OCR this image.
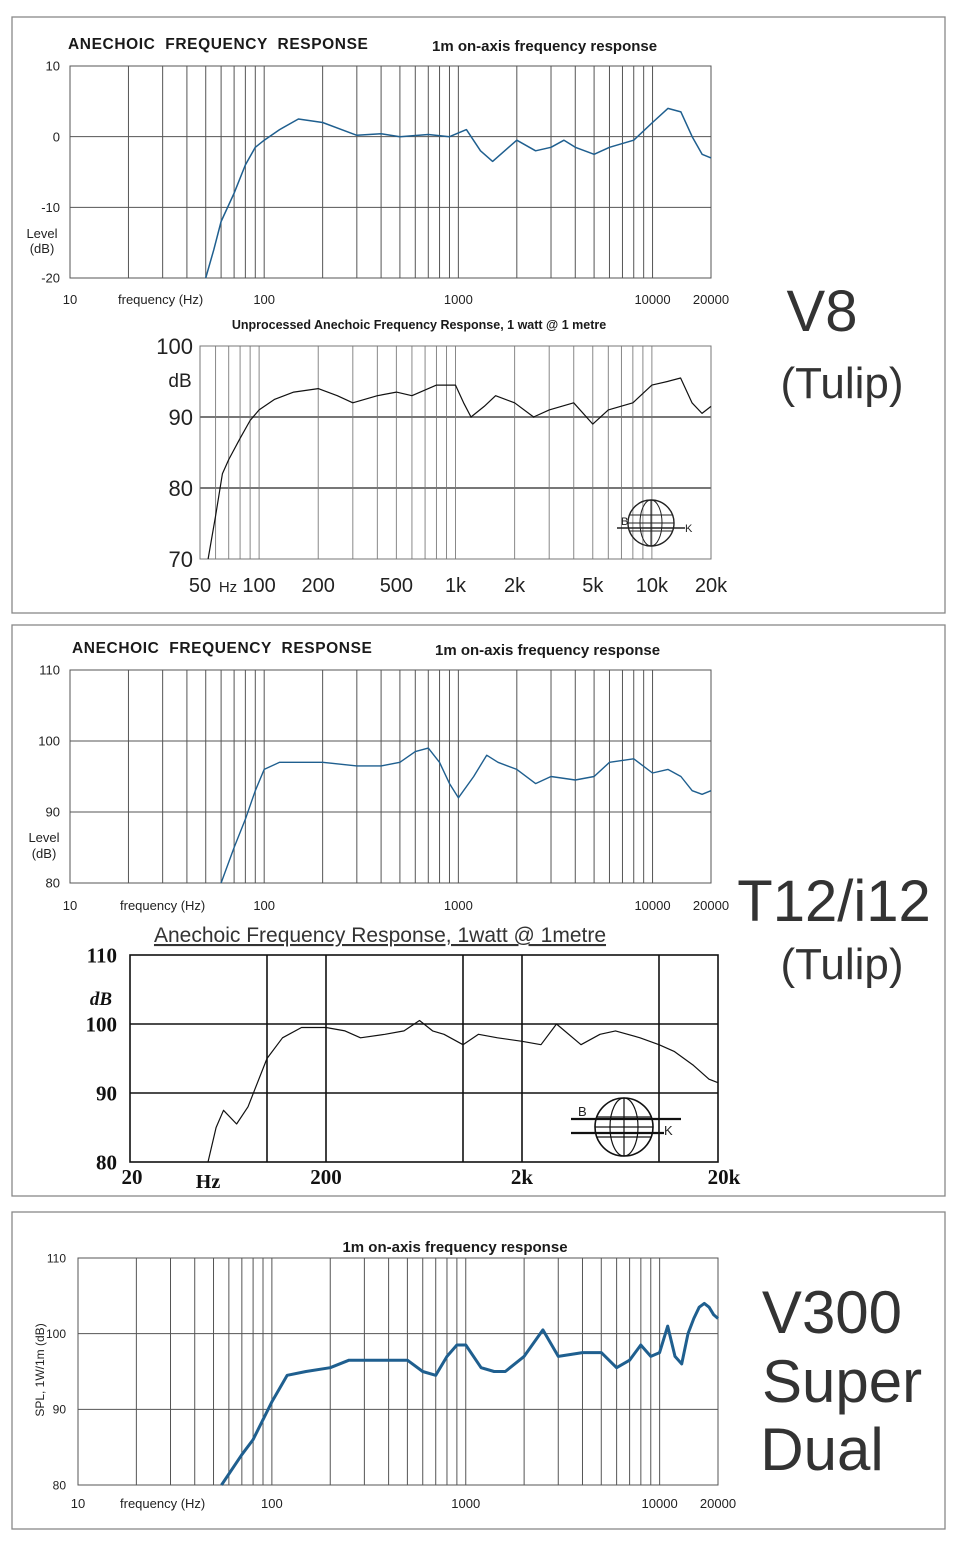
V8
(Tulip)
T12/i12
(Tulip)
V300
Super
Dual
10	100	1000	10000 20000
-20
-10
0
10
ANECHOIC  FREQUENCY  RESPONSE	1m on-axis frequency response
frequency (Hz)
Level
(dB)
50 100 200 500 1k 2k	5k 10k 20k
70
80
90
100
Unprocessed Anechoic Frequency Response, 1 watt @ 1 metre
dB
Hz
B
K
10	100	1000	10000 20000
80
90
100
110
ANECHOIC  FREQUENCY  RESPONSE	1m on-axis frequency response
frequency (Hz)
Level
(dB)
20	200	2k	20k
80
90
100
110
Anechoic Frequency Response, 1watt @ 1metre
dB
Hz
B
K
10	100	1000	10000 20000
80
90
100
110
1m on-axis frequency response
frequency (Hz)
SPL, 1W/1m (dB)
